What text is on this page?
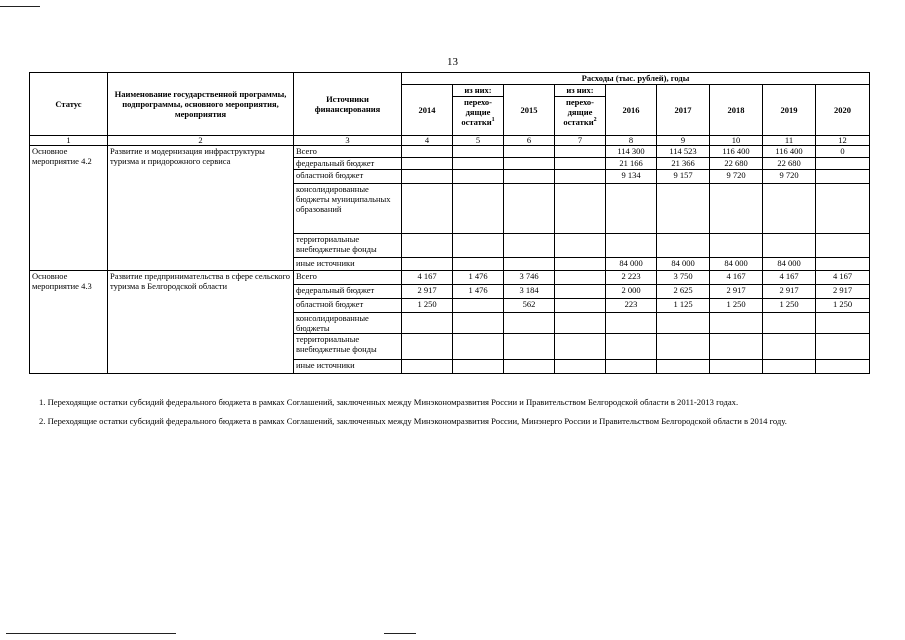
13
Статус	Наименование государственной программы, подпрограммы, основного мероприятия, мероприятия	Источники финансирования	Расходы (тыс. рублей), годы								
			2014	из них:	2015	из них:	2016	2017	2018	2019	2020
				перехо-дящие остатки$^1$		перехо-дящие остатки$^2$
1	2	3	4	5	6	7	8	9	10	11	12
Основное мероприятие 4.2	Развитие и модернизация инфраструктуры туризма и придорожного сервиса	Всего					114 300	114 523	116 400	116 400	0
		федеральный бюджет					21 166	21 366	22 680	22 680	
		областной бюджет					9 134	9 157	9 720	9 720	
		консолидированные бюджеты муниципальных образований									
		территориальные внебюджетные фонды									
		иные источники					84 000	84 000	84 000	84 000	
Основное мероприятие 4.3	Развитие предпринимательства в сфере сельского туризма в Белгородской области	Всего	4 167	1 476	3 746		2 223	3 750	4 167	4 167	4 167
		федеральный бюджет	2 917	1 476	3 184		2 000	2 625	2 917	2 917	2 917
		областной бюджет	1 250		562		223	1 125	1 250	1 250	1 250
		консолидированные бюджеты									
		территориальные внебюджетные фонды									
		иные источники									

1. Переходящие остатки субсидий федерального бюджета в рамках Соглашений, заключенных между Минэкономразвития России и Правительством Белгородской области в 2011-2013 годах.

2. Переходящие остатки субсидий федерального бюджета в рамках Соглашений, заключенных между Минэкономразвития России, Минэнерго России и Правительством Белгородской области в 2014 году.
